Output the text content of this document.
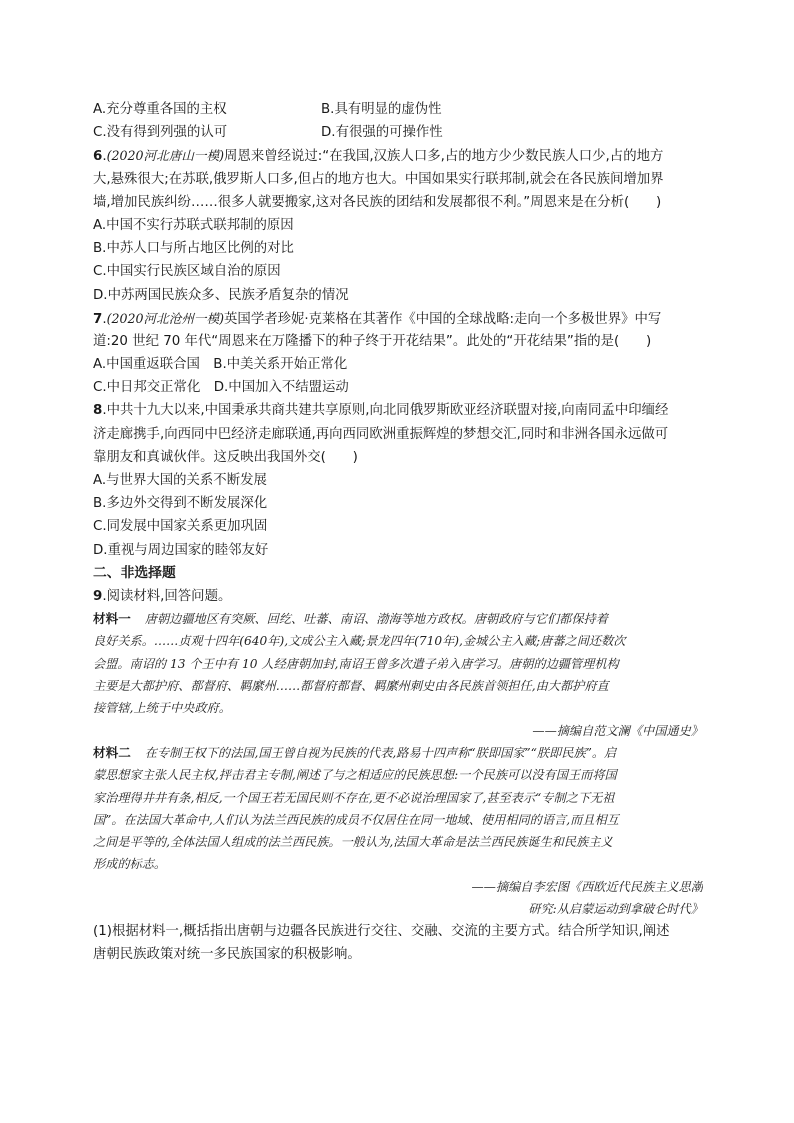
A.充分尊重各国的主权	B.具有明显的虚伪性
C.没有得到列强的认可	D.有很强的可操作性
6.(2020河北唐山一模)周恩来曾经说过:“在我国,汉族人口多,占的地方少少数民族人口少,占的地方
大,悬殊很大;在苏联,俄罗斯人口多,但占的地方也大。中国如果实行联邦制,就会在各民族间增加界
墙,增加民族纠纷……很多人就要搬家,这对各民族的团结和发展都很不利。”周恩来是在分析(　　)
A.中国不实行苏联式联邦制的原因
B.中苏人口与所占地区比例的对比
C.中国实行民族区域自治的原因
D.中苏两国民族众多、民族矛盾复杂的情况
7.(2020河北沧州一模)英国学者珍妮·克莱格在其著作《中国的全球战略:走向一个多极世界》中写
道:20 世纪 70 年代“周恩来在万隆播下的种子终于开花结果”。此处的“开花结果”指的是(　　)
A.中国重返联合国　B.中美关系开始正常化
C.中日邦交正常化　D.中国加入不结盟运动
8.中共十九大以来,中国秉承共商共建共享原则,向北同俄罗斯欧亚经济联盟对接,向南同孟中印缅经
济走廊携手,向西同中巴经济走廊联通,再向西同欧洲重振辉煌的梦想交汇,同时和非洲各国永远做可
靠朋友和真诚伙伴。这反映出我国外交(　　)
A.与世界大国的关系不断发展
B.多边外交得到不断发展深化
C.同发展中国家关系更加巩固
D.重视与周边国家的睦邻友好
二、非选择题
9.阅读材料,回答问题。
材料一 唐朝边疆地区有突厥、回纥、吐蕃、南诏、渤海等地方政权。唐朝政府与它们都保持着
良好关系。……贞观十四年(640年),文成公主入藏;景龙四年(710年),金城公主入藏;唐蕃之间还数次
会盟。南诏的 13 个王中有 10 人经唐朝加封,南诏王曾多次遣子弟入唐学习。唐朝的边疆管理机构
主要是大都护府、都督府、羁縻州……都督府都督、羁縻州刺史由各民族首领担任,由大都护府直
接管辖,上统于中央政府。
——摘编自范文澜《中国通史》
材料二 在专制王权下的法国,国王曾自视为民族的代表,路易十四声称“朕即国家”“朕即民族”。启
蒙思想家主张人民主权,抨击君主专制,阐述了与之相适应的民族思想:一个民族可以没有国王而将国
家治理得井井有条,相反,一个国王若无国民则不存在,更不必说治理国家了,甚至表示“专制之下无祖
国”。在法国大革命中,人们认为法兰西民族的成员不仅居住在同一地域、使用相同的语言,而且相互
之间是平等的,全体法国人组成的法兰西民族。一般认为,法国大革命是法兰西民族诞生和民族主义
形成的标志。
——摘编自李宏图《西欧近代民族主义思潮
研究:从启蒙运动到拿破仑时代》
(1)根据材料一,概括指出唐朝与边疆各民族进行交往、交融、交流的主要方式。结合所学知识,阐述
唐朝民族政策对统一多民族国家的积极影响。
